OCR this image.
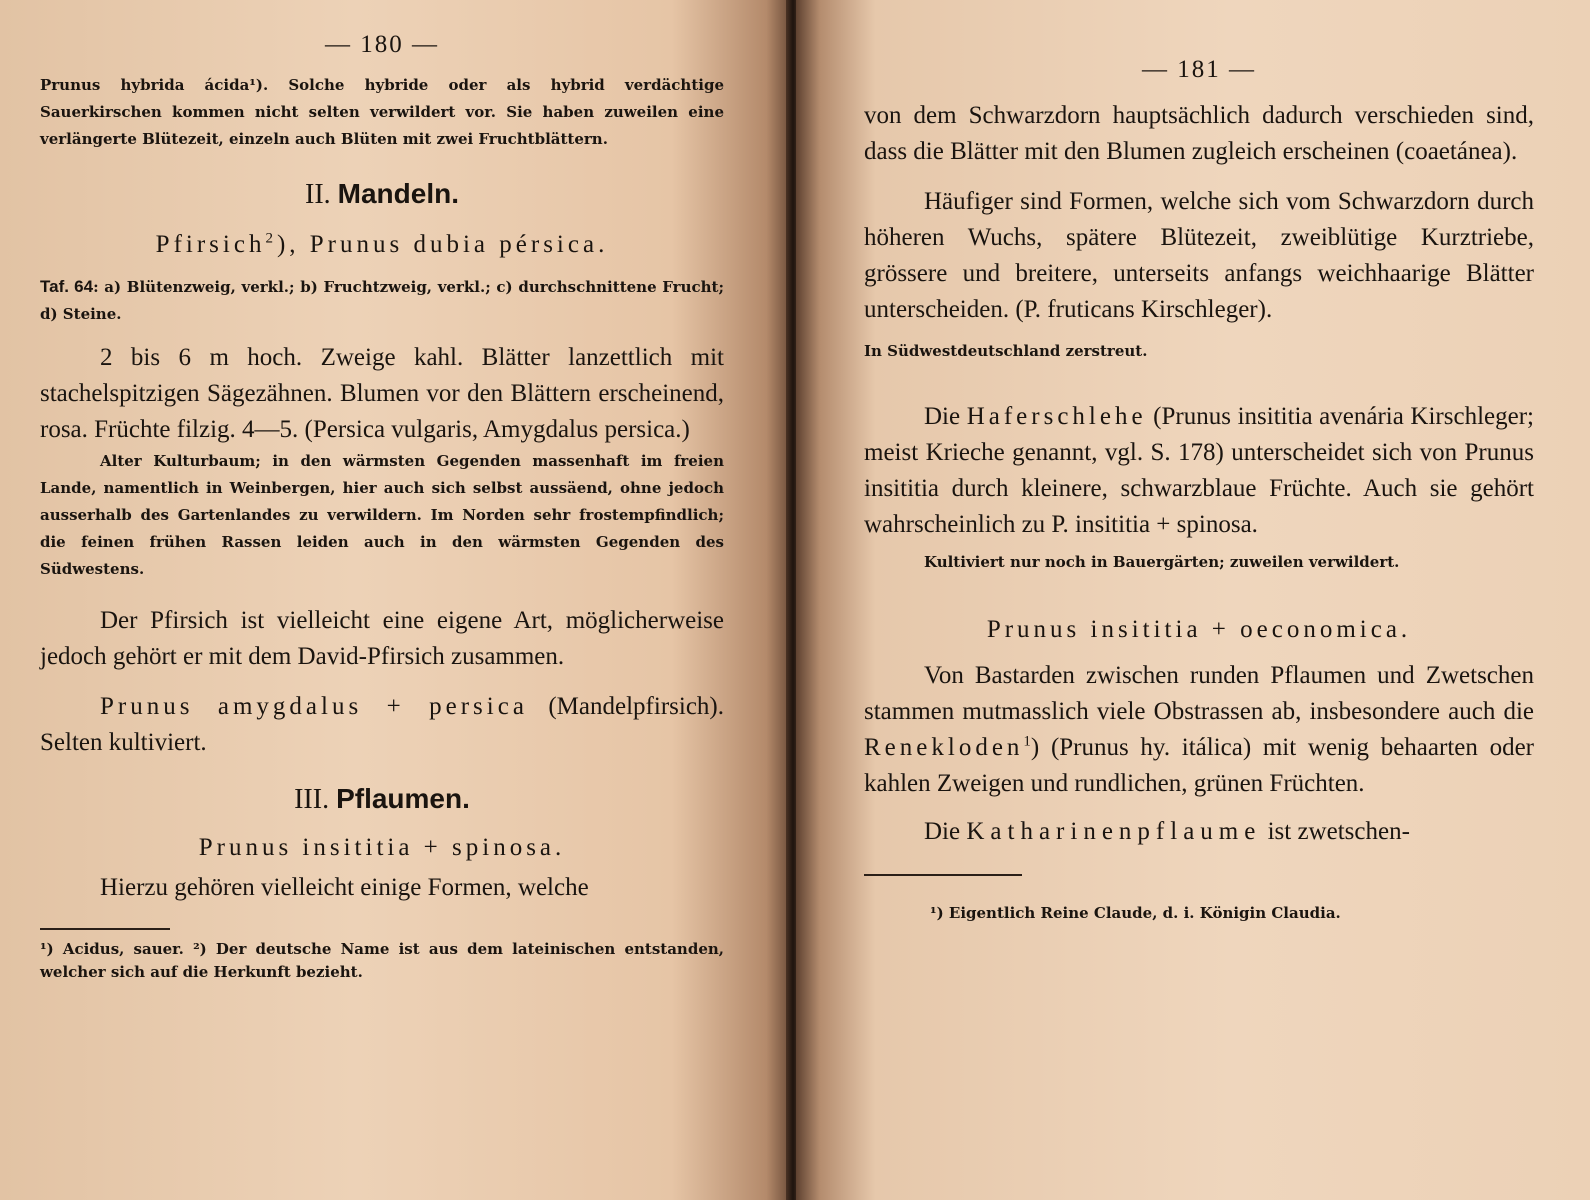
— 180 —

Prunus hybrida ácida¹). Solche hybride oder als hybrid verdächtige Sauerkirschen kommen nicht selten verwildert vor. Sie haben zuweilen eine verlängerte Blütezeit, einzeln auch Blüten mit zwei Fruchtblättern.

II. Mandeln.

Pfirsich$^2$), Prunus dubia pérsica.

Taf. 64: a) Blütenzweig, verkl.; b) Fruchtzweig, verkl.; c) durchschnittene Frucht; d) Steine.

2 bis 6 m hoch. Zweige kahl. Blätter lanzettlich mit stachelspitzigen Sägezähnen. Blumen vor den Blättern erscheinend, rosa. Früchte filzig. 4—5. (Persica vulgaris, Amygdalus persica.)

Alter Kulturbaum; in den wärmsten Gegenden massenhaft im freien Lande, namentlich in Weinbergen, hier auch sich selbst aussäend, ohne jedoch ausserhalb des Gartenlandes zu verwildern. Im Norden sehr frostempfindlich; die feinen frühen Rassen leiden auch in den wärmsten Gegenden des Südwestens.

Der Pfirsich ist vielleicht eine eigene Art, möglicherweise jedoch gehört er mit dem David-Pfirsich zusammen.

Prunus amygdalus + persica (Mandelpfirsich). Selten kultiviert.

III. Pflaumen.

Prunus insititia + spinosa.

Hierzu gehören vielleicht einige Formen, welche

¹) Acidus, sauer. ²) Der deutsche Name ist aus dem lateinischen entstanden, welcher sich auf die Herkunft bezieht.

— 181 —

von dem Schwarzdorn hauptsächlich dadurch verschieden sind, dass die Blätter mit den Blumen zugleich erscheinen (coaetánea).

Häufiger sind Formen, welche sich vom Schwarzdorn durch höheren Wuchs, spätere Blütezeit, zweiblütige Kurztriebe, grössere und breitere, unterseits anfangs weichhaarige Blätter unterscheiden. (P. fruticans Kirschleger).

In Südwestdeutschland zerstreut.

Die Haferschlehe (Prunus insititia avenária Kirschleger; meist Krieche genannt, vgl. S. 178) unterscheidet sich von Prunus insititia durch kleinere, schwarzblaue Früchte. Auch sie gehört wahrscheinlich zu P. insititia + spinosa.

Kultiviert nur noch in Bauergärten; zuweilen verwildert.

Prunus insititia + oeconomica.

Von Bastarden zwischen runden Pflaumen und Zwetschen stammen mutmasslich viele Obstrassen ab, insbesondere auch die Renekloden$^1$) (Prunus hy. itálica) mit wenig behaarten oder kahlen Zweigen und rundlichen, grünen Früchten.

Die Katharinenpflaume ist zwetschen-

¹) Eigentlich Reine Claude, d. i. Königin Claudia.
